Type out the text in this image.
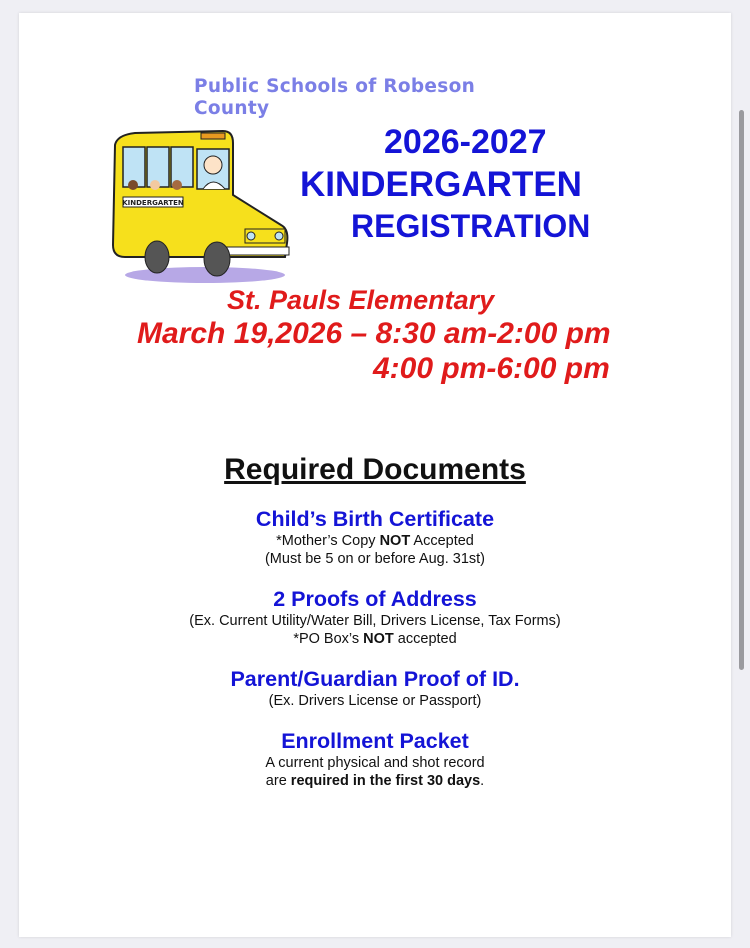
Public Schools of Robeson
County
KINDERGARTEN
2026-2027
KINDERGARTEN
REGISTRATION
St. Pauls Elementary
March 19,2026 – 8:30 am-2:00 pm
4:00 pm-6:00 pm
Required Documents
Child’s Birth Certificate
*Mother’s Copy NOT Accepted
(Must be 5 on or before Aug. 31st)
2 Proofs of Address
(Ex. Current Utility/Water Bill, Drivers License, Tax Forms)
*PO Box’s NOT accepted
Parent/Guardian Proof of ID.
(Ex. Drivers License or Passport)
Enrollment Packet
A current physical and shot record
are required in the first 30 days.
